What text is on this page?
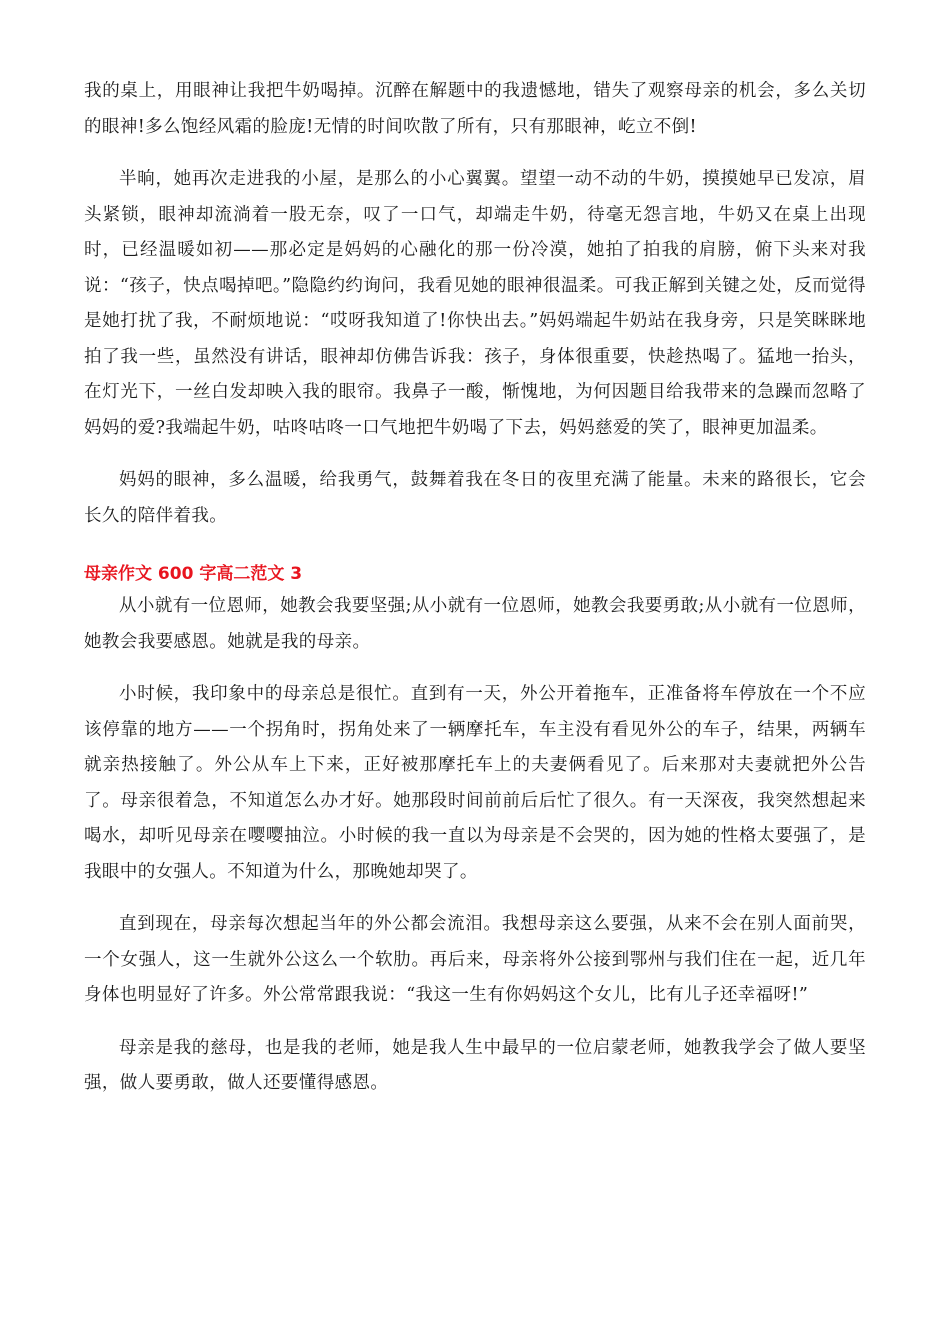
我的桌上，用眼神让我把牛奶喝掉。沉醉在解题中的我遗憾地，错失了观察母亲的机会，多么关切的眼神!多么饱经风霜的脸庞!无情的时间吹散了所有，只有那眼神，屹立不倒!

半晌，她再次走进我的小屋，是那么的小心翼翼。望望一动不动的牛奶，摸摸她早已发凉，眉头紧锁，眼神却流淌着一股无奈，叹了一口气，却端走牛奶，待毫无怨言地，牛奶又在桌上出现时，已经温暖如初——那必定是妈妈的心融化的那一份冷漠，她拍了拍我的肩膀，俯下头来对我说：“孩子，快点喝掉吧。”隐隐约约询问，我看见她的眼神很温柔。可我正解到关键之处，反而觉得是她打扰了我，不耐烦地说：“哎呀我知道了!你快出去。”妈妈端起牛奶站在我身旁，只是笑眯眯地拍了我一些，虽然没有讲话，眼神却仿佛告诉我：孩子，身体很重要，快趁热喝了。猛地一抬头，在灯光下，一丝白发却映入我的眼帘。我鼻子一酸，惭愧地，为何因题目给我带来的急躁而忽略了妈妈的爱?我端起牛奶，咕咚咕咚一口气地把牛奶喝了下去，妈妈慈爱的笑了，眼神更加温柔。

妈妈的眼神，多么温暖，给我勇气，鼓舞着我在冬日的夜里充满了能量。未来的路很长，它会长久的陪伴着我。

母亲作文 600 字高二范文 3

从小就有一位恩师，她教会我要坚强;从小就有一位恩师，她教会我要勇敢;从小就有一位恩师，她教会我要感恩。她就是我的母亲。

小时候，我印象中的母亲总是很忙。直到有一天，外公开着拖车，正准备将车停放在一个不应该停靠的地方——一个拐角时，拐角处来了一辆摩托车，车主没有看见外公的车子，结果，两辆车就亲热接触了。外公从车上下来，正好被那摩托车上的夫妻俩看见了。后来那对夫妻就把外公告了。母亲很着急，不知道怎么办才好。她那段时间前前后后忙了很久。有一天深夜，我突然想起来喝水，却听见母亲在嘤嘤抽泣。小时候的我一直以为母亲是不会哭的，因为她的性格太要强了，是我眼中的女强人。不知道为什么，那晚她却哭了。

直到现在，母亲每次想起当年的外公都会流泪。我想母亲这么要强，从来不会在别人面前哭，一个女强人，这一生就外公这么一个软肋。再后来，母亲将外公接到鄂州与我们住在一起，近几年身体也明显好了许多。外公常常跟我说：“我这一生有你妈妈这个女儿，比有儿子还幸福呀!”

母亲是我的慈母，也是我的老师，她是我人生中最早的一位启蒙老师，她教我学会了做人要坚强，做人要勇敢，做人还要懂得感恩。
